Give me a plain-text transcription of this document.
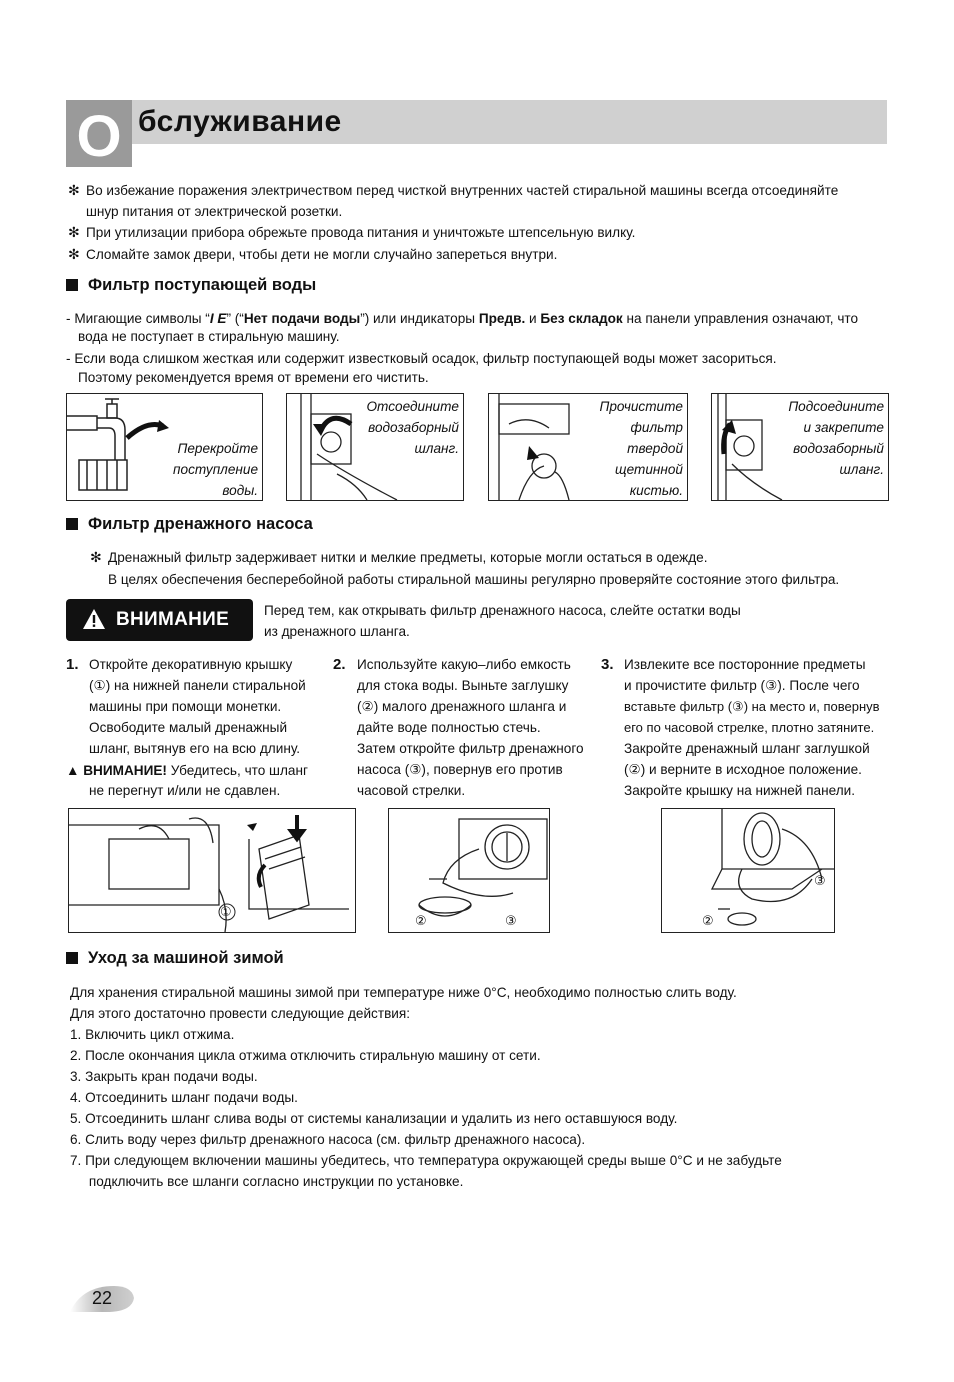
О бслуживание
✻ Во избежание поражения электричеством перед чисткой внутренних частей стиральной машины всегда отсоединяйте
шнур питания от электрической розетки.
✻ При утилизации прибора обрежьте провода питания и уничтожьте штепсельную вилку.
✻ Сломайте замок двери, чтобы дети не могли случайно запереться внутри.
Фильтр поступающей воды
- Мигающие символы “I E” (“Нет подачи воды”) или индикаторы Предв. и Без складок на панели управления означают, что
вода не поступает в стиральную машину.
- Если вода слишком жесткая или содержит известковый осадок, фильтр поступающей воды может засориться.
Поэтому рекомендуется время от времени его чистить.
Перекройте
поступление
воды.
Отсоедините
водозаборный
шланг.
Прочистите
фильтр
твердой
щетинной
кистью.
Подсоедините
и закрепите
водозаборный
шланг.
Фильтр дренажного насоса
✻ Дренажный фильтр задерживает нитки и мелкие предметы, которые могли остаться в одежде.
В целях обеспечения бесперебойной работы стиральной машины регулярно проверяйте состояние этого фильтра.
ВНИМАНИЕ	Перед тем, как открывать фильтр дренажного насоса, слейте остатки воды
из дренажного шланга.
1. Откройте декоративную крышку
(①) на нижней панели стиральной
машины при помощи монетки.
Освободите малый дренажный
шланг, вытянув его на всю длину.
▲ ВНИМАНИЕ! Убедитесь, что шланг
не перегнут и/или не сдавлен.
2. Используйте какую–либо емкость
для стока воды. Выньте заглушку
(②) малого дренажного шланга и
дайте воде полностью стечь.
Затем откройте фильтр дренажного
насоса (③), повернув его против
часовой стрелки.
3. Извлеките все посторонние предметы
и прочистите фильтр (③). После чего
вставьте фильтр (③) на место и, повернув
его по часовой стрелке, плотно затяните.
Закройте дренажный шланг заглушкой
(②) и верните в исходное положение.
Закройте крышку на нижней панели.
①
②	③	②
③
Уход за машиной зимой
Для хранения стиральной машины зимой при температуре ниже 0°С, необходимо полностью слить воду.
Для этого достаточно провести следующие действия:
1. Включить цикл отжима.
2. После окончания цикла отжима отключить стиральную машину от сети.
3. Закрыть кран подачи воды.
4. Отсоединить шланг подачи воды.
5. Отсоединить шланг слива воды от системы канализации и удалить из него оставшуюся воду.
6. Слить воду через фильтр дренажного насоса (см. фильтр дренажного насоса).
7. При следующем включении машины убедитесь, что температура окружающей среды выше 0°С и не забудьте
подключить все шланги согласно инструкции по установке.
22
